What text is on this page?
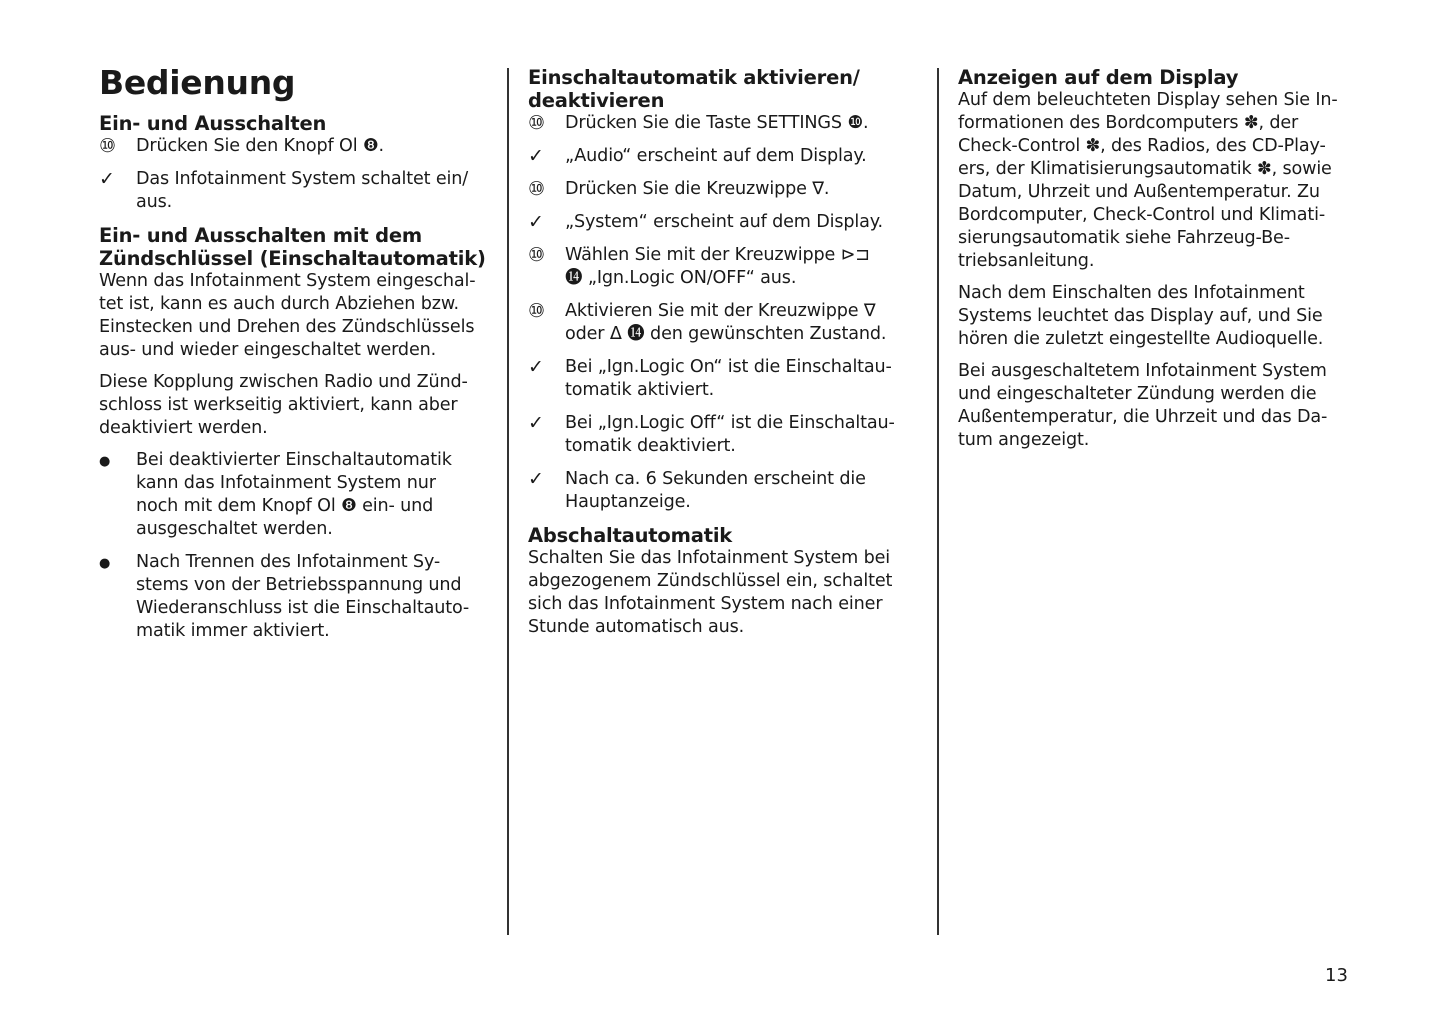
Bedienung
Ein- und Ausschalten
⑩	Drücken Sie den Knopf Ol ❽.
✓	Das Infotainment System schaltet ein/
aus.
Ein- und Ausschalten mit dem
Zündschlüssel (Einschaltautomatik)
Wenn das Infotainment System eingeschal-
tet ist, kann es auch durch Abziehen bzw.
Einstecken und Drehen des Zündschlüssels
aus- und wieder eingeschaltet werden.
Diese Kopplung zwischen Radio und Zünd-
schloss ist werkseitig aktiviert, kann aber
deaktiviert werden.
●	Bei deaktivierter Einschaltautomatik
kann das Infotainment System nur
noch mit dem Knopf Ol ❽ ein- und
ausgeschaltet werden.
●	Nach Trennen des Infotainment Sy-
stems von der Betriebsspannung und
Wiederanschluss ist die Einschaltauto-
matik immer aktiviert.
Einschaltautomatik aktivieren/
deaktivieren
⑩	Drücken Sie die Taste SETTINGS ❿.
✓	„Audio“ erscheint auf dem Display.
⑩	Drücken Sie die Kreuzwippe ∇.
✓	„System“ erscheint auf dem Display.
⑩	Wählen Sie mit der Kreuzwippe ⊳⊐
⓮ „Ign.Logic ON/OFF“ aus.
⑩	Aktivieren Sie mit der Kreuzwippe ∇
oder Δ ⓮ den gewünschten Zustand.
✓	Bei „Ign.Logic On“ ist die Einschaltau-
tomatik aktiviert.
✓	Bei „Ign.Logic Off“ ist die Einschaltau-
tomatik deaktiviert.
✓	Nach ca. 6 Sekunden erscheint die
Hauptanzeige.
Abschaltautomatik
Schalten Sie das Infotainment System bei
abgezogenem Zündschlüssel ein, schaltet
sich das Infotainment System nach einer
Stunde automatisch aus.
Anzeigen auf dem Display
Auf dem beleuchteten Display sehen Sie In-
formationen des Bordcomputers ✽, der
Check-Control ✽, des Radios, des CD-Play-
ers, der Klimatisierungsautomatik ✽, sowie
Datum, Uhrzeit und Außentemperatur. Zu
Bordcomputer, Check-Control und Klimati-
sierungsautomatik siehe Fahrzeug-Be-
triebsanleitung.
Nach dem Einschalten des Infotainment
Systems leuchtet das Display auf, und Sie
hören die zuletzt eingestellte Audioquelle.
Bei ausgeschaltetem Infotainment System
und eingeschalteter Zündung werden die
Außentemperatur, die Uhrzeit und das Da-
tum angezeigt.
13
